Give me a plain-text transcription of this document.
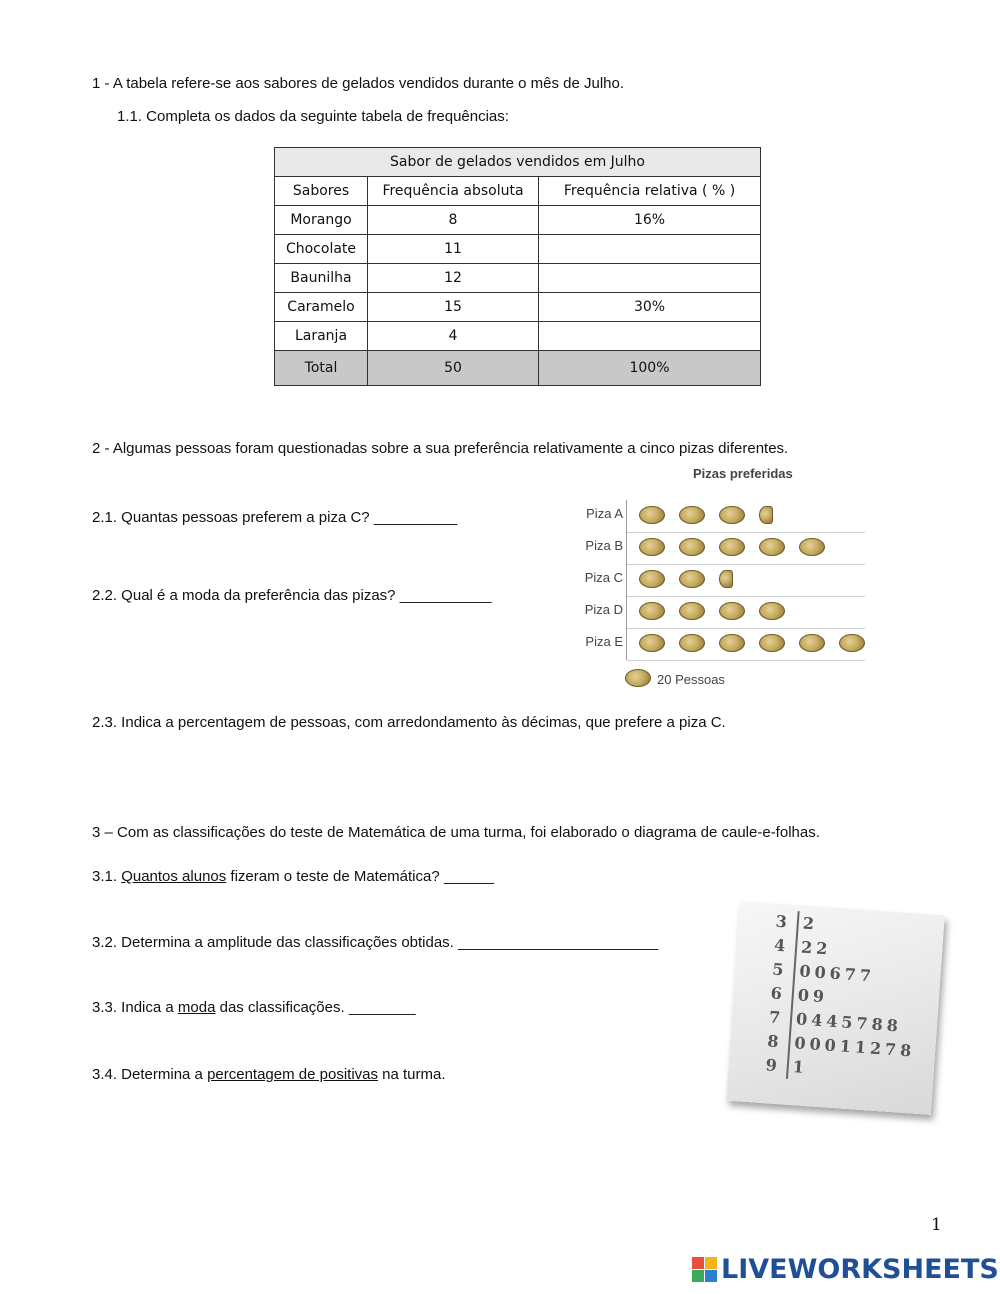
1 - A tabela refere-se aos sabores de gelados vendidos durante o mês de Julho.
1.1. Completa os dados da seguinte tabela de frequências:
Sabor de gelados vendidos em Julho		
Sabores	Frequência absoluta	Frequência relativa ( % )
Morango	8	16%
Chocolate	11	
Baunilha	12	
Caramelo	15	30%
Laranja	4	
Total	50	100%
2 - Algumas pessoas foram questionadas sobre a sua preferência relativamente a cinco pizas diferentes.
2.1. Quantas pessoas preferem a piza C? __________
2.2. Qual é a moda da preferência das pizas? ___________
2.3. Indica a percentagem de pessoas, com arredondamento às décimas, que prefere a piza C.
Pizas preferidas
Piza A
Piza B
Piza C
Piza D
Piza E
20 Pessoas
3 – Com as classificações do teste de Matemática de uma turma, foi elaborado o diagrama de caule-e-folhas.
3.1. Quantos alunos fizeram o teste de Matemática? ______
3.2. Determina a amplitude das classificações obtidas. ________________________
3.3. Indica a moda das classificações. ________
3.4. Determina a percentagem de positivas na turma.
3 2
4 22
5 00677
6 09
7 0445788
8 00011278
9 1
1
LIVEWORKSHEETS
